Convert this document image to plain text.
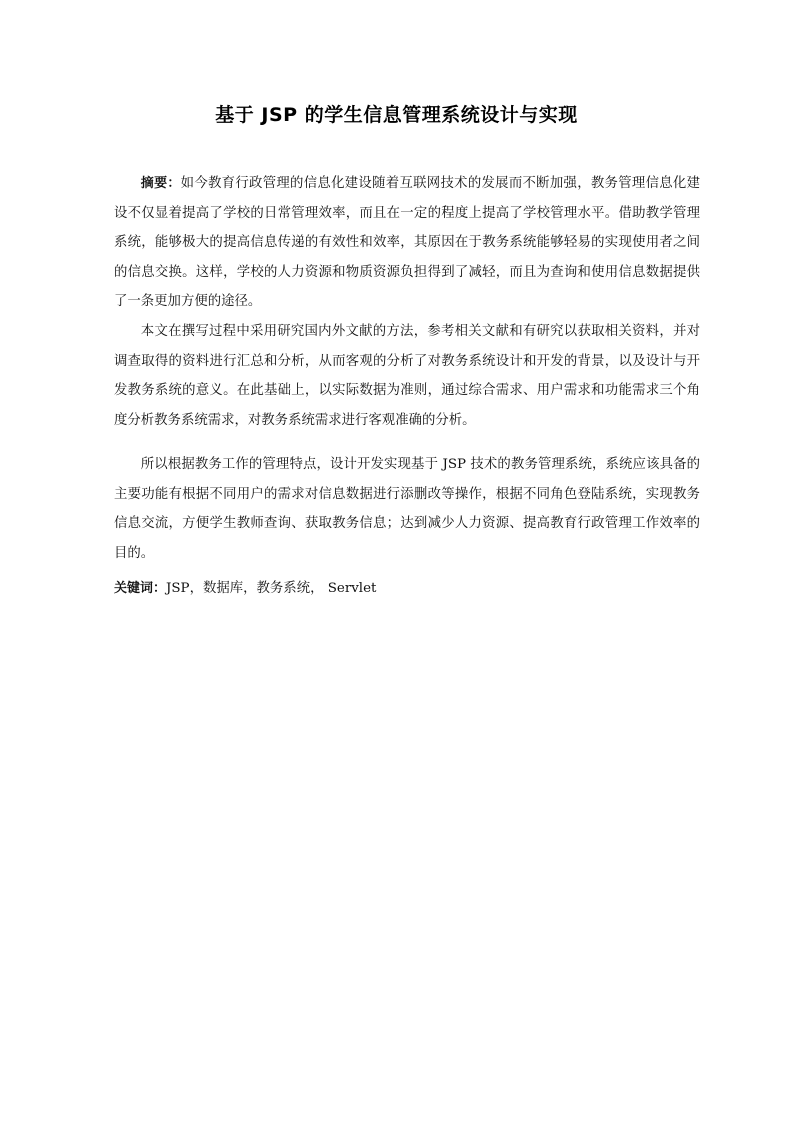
基于 JSP 的学生信息管理系统设计与实现

摘要：如今教育行政管理的信息化建设随着互联网技术的发展而不断加强，教务管理信息化建设不仅显着提高了学校的日常管理效率，而且在一定的程度上提高了学校管理水平。借助教学管理系统，能够极大的提高信息传递的有效性和效率，其原因在于教务系统能够轻易的实现使用者之间的信息交换。这样，学校的人力资源和物质资源负担得到了减轻，而且为查询和使用信息数据提供了一条更加方便的途径。

本文在撰写过程中采用研究国内外文献的方法，参考相关文献和有研究以获取相关资料，并对调查取得的资料进行汇总和分析，从而客观的分析了对教务系统设计和开发的背景，以及设计与开发教务系统的意义。在此基础上，以实际数据为准则，通过综合需求、用户需求和功能需求三个角度分析教务系统需求，对教务系统需求进行客观准确的分析。

所以根据教务工作的管理特点，设计开发实现基于 JSP 技术的教务管理系统，系统应该具备的主要功能有根据不同用户的需求对信息数据进行添删改等操作，根据不同角色登陆系统，实现教务信息交流，方便学生教师查询、获取教务信息；达到减少人力资源、提高教育行政管理工作效率的目的。

关键词：JSP，数据库，教务系统， Servlet
